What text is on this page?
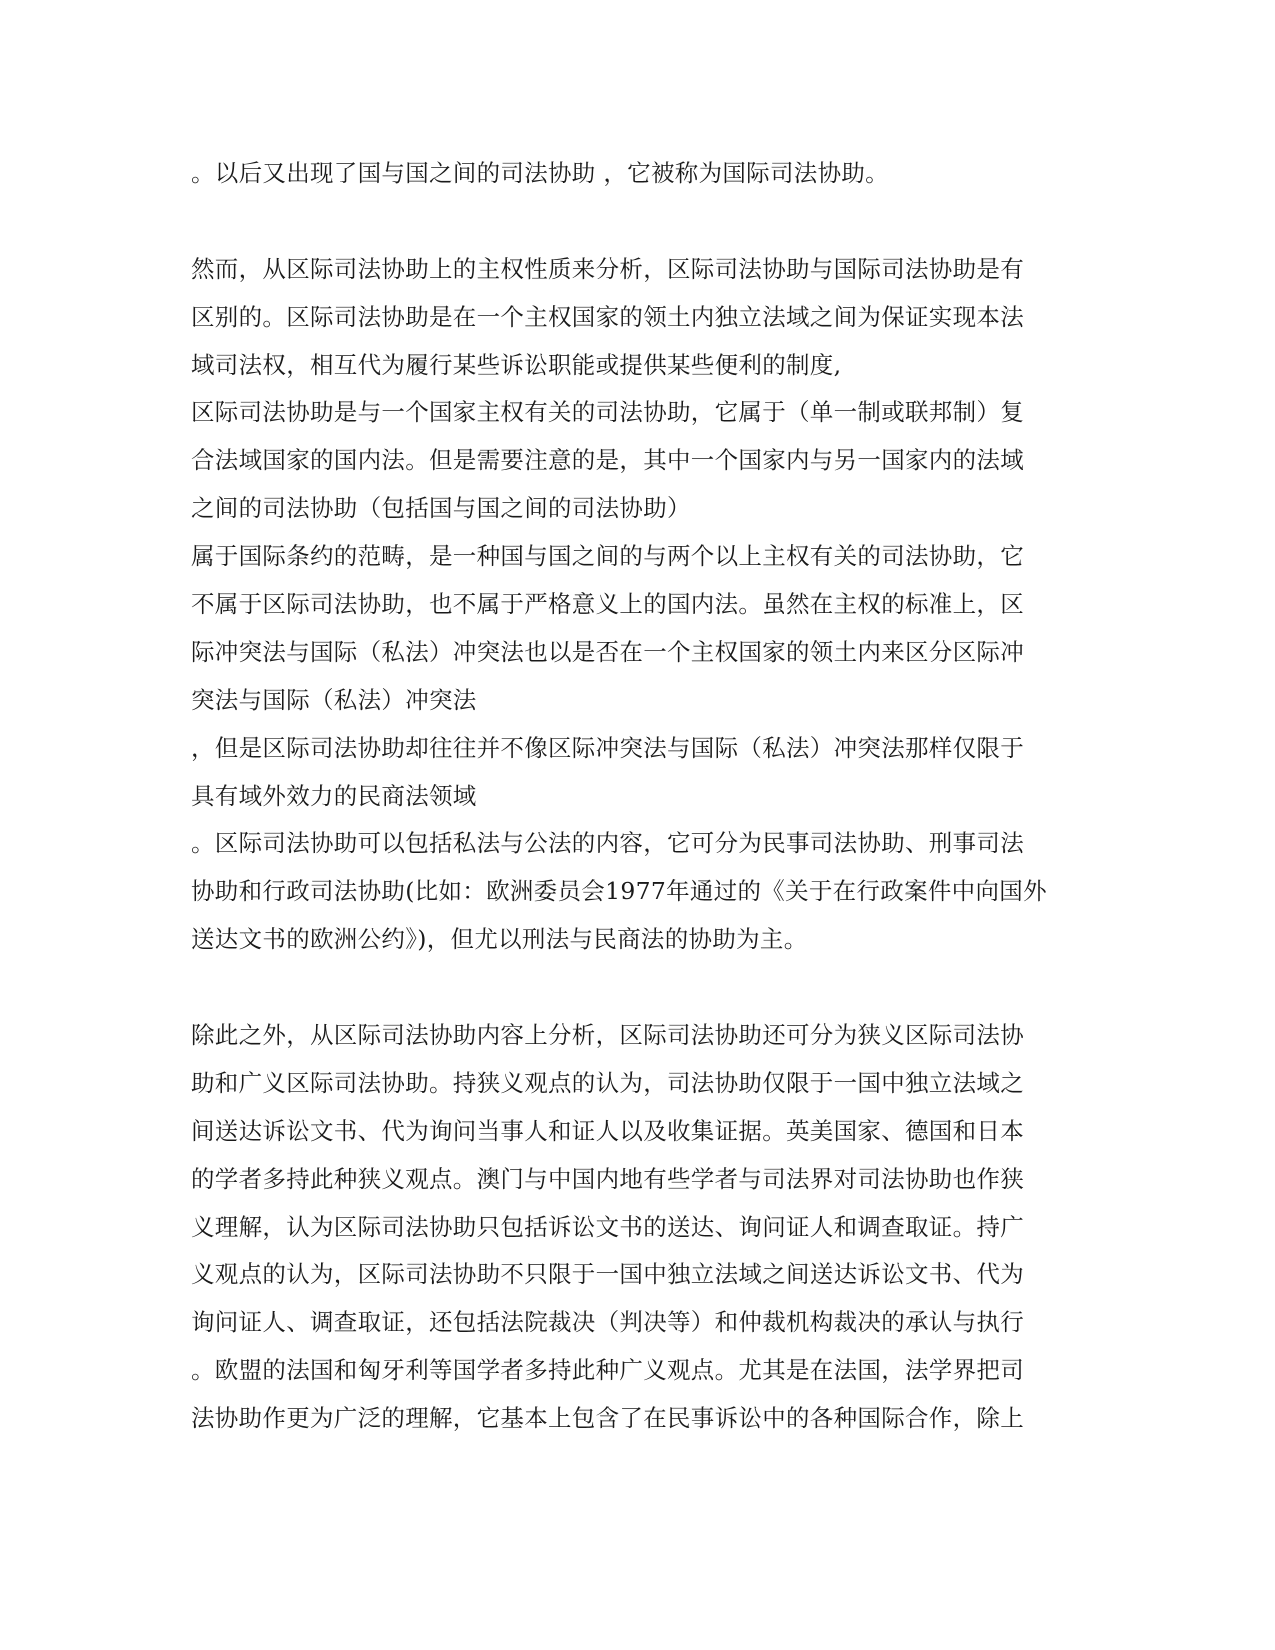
。以后又出现了国与国之间的司法协助 ，它被称为国际司法协助。
然而，从区际司法协助上的主权性质来分析，区际司法协助与国际司法协助是有
区别的。区际司法协助是在一个主权国家的领土内独立法域之间为保证实现本法
域司法权，相互代为履行某些诉讼职能或提供某些便利的制度,
区际司法协助是与一个国家主权有关的司法协助，它属于（单一制或联邦制）复
合法域国家的国内法。但是需要注意的是，其中一个国家内与另一国家内的法域
之间的司法协助（包括国与国之间的司法协助）
属于国际条约的范畴，是一种国与国之间的与两个以上主权有关的司法协助，它
不属于区际司法协助，也不属于严格意义上的国内法。虽然在主权的标准上，区
际冲突法与国际（私法）冲突法也以是否在一个主权国家的领土内来区分区际冲
突法与国际（私法）冲突法
，但是区际司法协助却往往并不像区际冲突法与国际（私法）冲突法那样仅限于
具有域外效力的民商法领域
。区际司法协助可以包括私法与公法的内容，它可分为民事司法协助、刑事司法
协助和行政司法协助(比如：欧洲委员会1977年通过的《关于在行政案件中向国外
送达文书的欧洲公约》)，但尤以刑法与民商法的协助为主。
除此之外，从区际司法协助内容上分析，区际司法协助还可分为狭义区际司法协
助和广义区际司法协助。持狭义观点的认为，司法协助仅限于一国中独立法域之
间送达诉讼文书、代为询问当事人和证人以及收集证据。英美国家、德国和日本
的学者多持此种狭义观点。澳门与中国内地有些学者与司法界对司法协助也作狭
义理解，认为区际司法协助只包括诉讼文书的送达、询问证人和调查取证。持广
义观点的认为，区际司法协助不只限于一国中独立法域之间送达诉讼文书、代为
询问证人、调查取证，还包括法院裁决（判决等）和仲裁机构裁决的承认与执行
。欧盟的法国和匈牙利等国学者多持此种广义观点。尤其是在法国，法学界把司
法协助作更为广泛的理解，它基本上包含了在民事诉讼中的各种国际合作，除上
